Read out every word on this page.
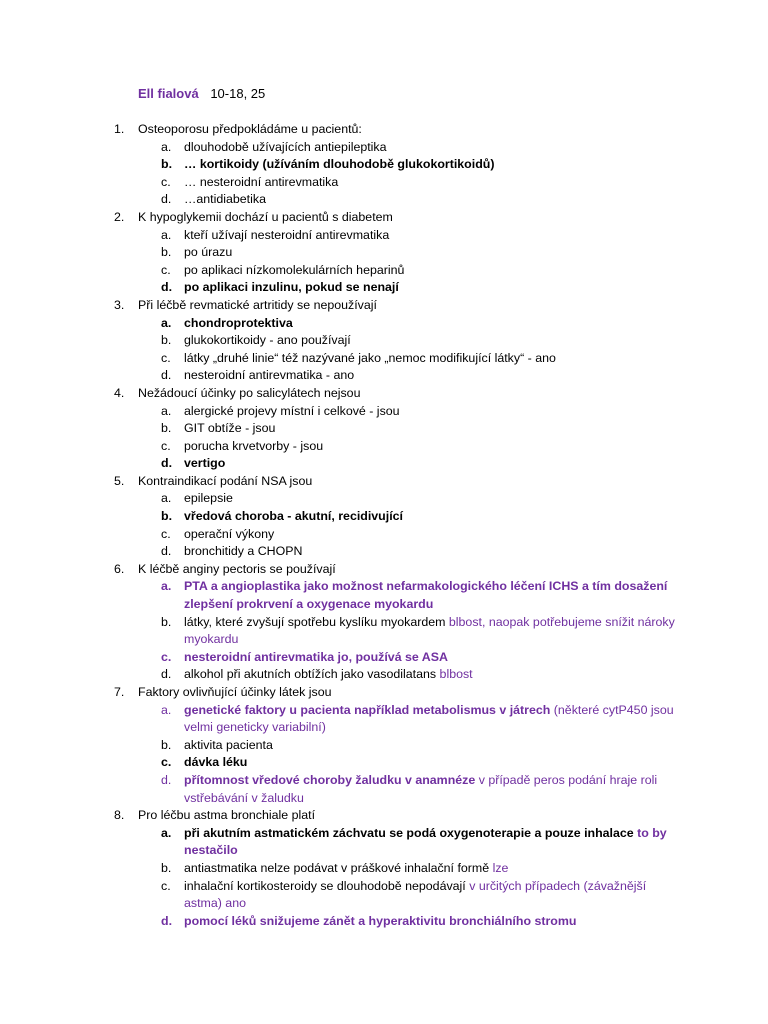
Ell fialová 10-18, 25
1. Osteoporosu předpokládáme u pacientů:
a. dlouhodobě užívajících antiepileptika
b. … kortikoidy (užíváním dlouhodobě glukokortikoidů)
c. … nesteroidní antirevmatika
d. …antidiabetika
2. K hypoglykemii dochází u pacientů s diabetem
a. kteří užívají nesteroidní antirevmatika
b. po úrazu
c. po aplikaci nízkomolekulárních heparinů
d. po aplikaci inzulinu, pokud se nenají
3. Při léčbě revmatické artritidy se nepoužívají
a. chondroprotektiva
b. glukokortikoidy - ano používají
c. látky „druhé linie“ též nazývané jako „nemoc modifikující látky“ - ano
d. nesteroidní antirevmatika - ano
4. Nežádoucí účinky po salicylátech nejsou
a. alergické projevy místní i celkové - jsou
b. GIT obtíže - jsou
c. porucha krvetvorby - jsou
d. vertigo
5. Kontraindikací podání NSA jsou
a. epilepsie
b. vředová choroba - akutní, recidivující
c. operační výkony
d. bronchitidy a CHOPN
6. K léčbě anginy pectoris se používají
a. PTA a angioplastika jako možnost nefarmakologického léčení ICHS a tím dosažení zlepšení prokrvení a oxygenace myokardu
b. látky, které zvyšují spotřebu kyslíku myokardem blbost, naopak potřebujeme snížit nároky myokardu
c. nesteroidní antirevmatika jo, používá se ASA
d. alkohol při akutních obtížích jako vasodilatans blbost
7. Faktory ovlivňující účinky látek jsou
a. genetické faktory u pacienta například metabolismus v játrech (některé cytP450 jsou velmi geneticky variabilní)
b. aktivita pacienta
c. dávka léku
d. přítomnost vředové choroby žaludku v anamnéze v případě peros podání hraje roli vstřebávání v žaludku
8. Pro léčbu astma bronchiale platí
a. při akutním astmatickém záchvatu se podá oxygenoterapie a pouze inhalace to by nestačilo
b. antiastmatika nelze podávat v práškové inhalační formě lze
c. inhalační kortikosteroidy se dlouhodobě nepodávají v určitých případech (závažnější astma) ano
d. pomocí léků snižujeme zánět a hyperaktivitu bronchiálního stromu
